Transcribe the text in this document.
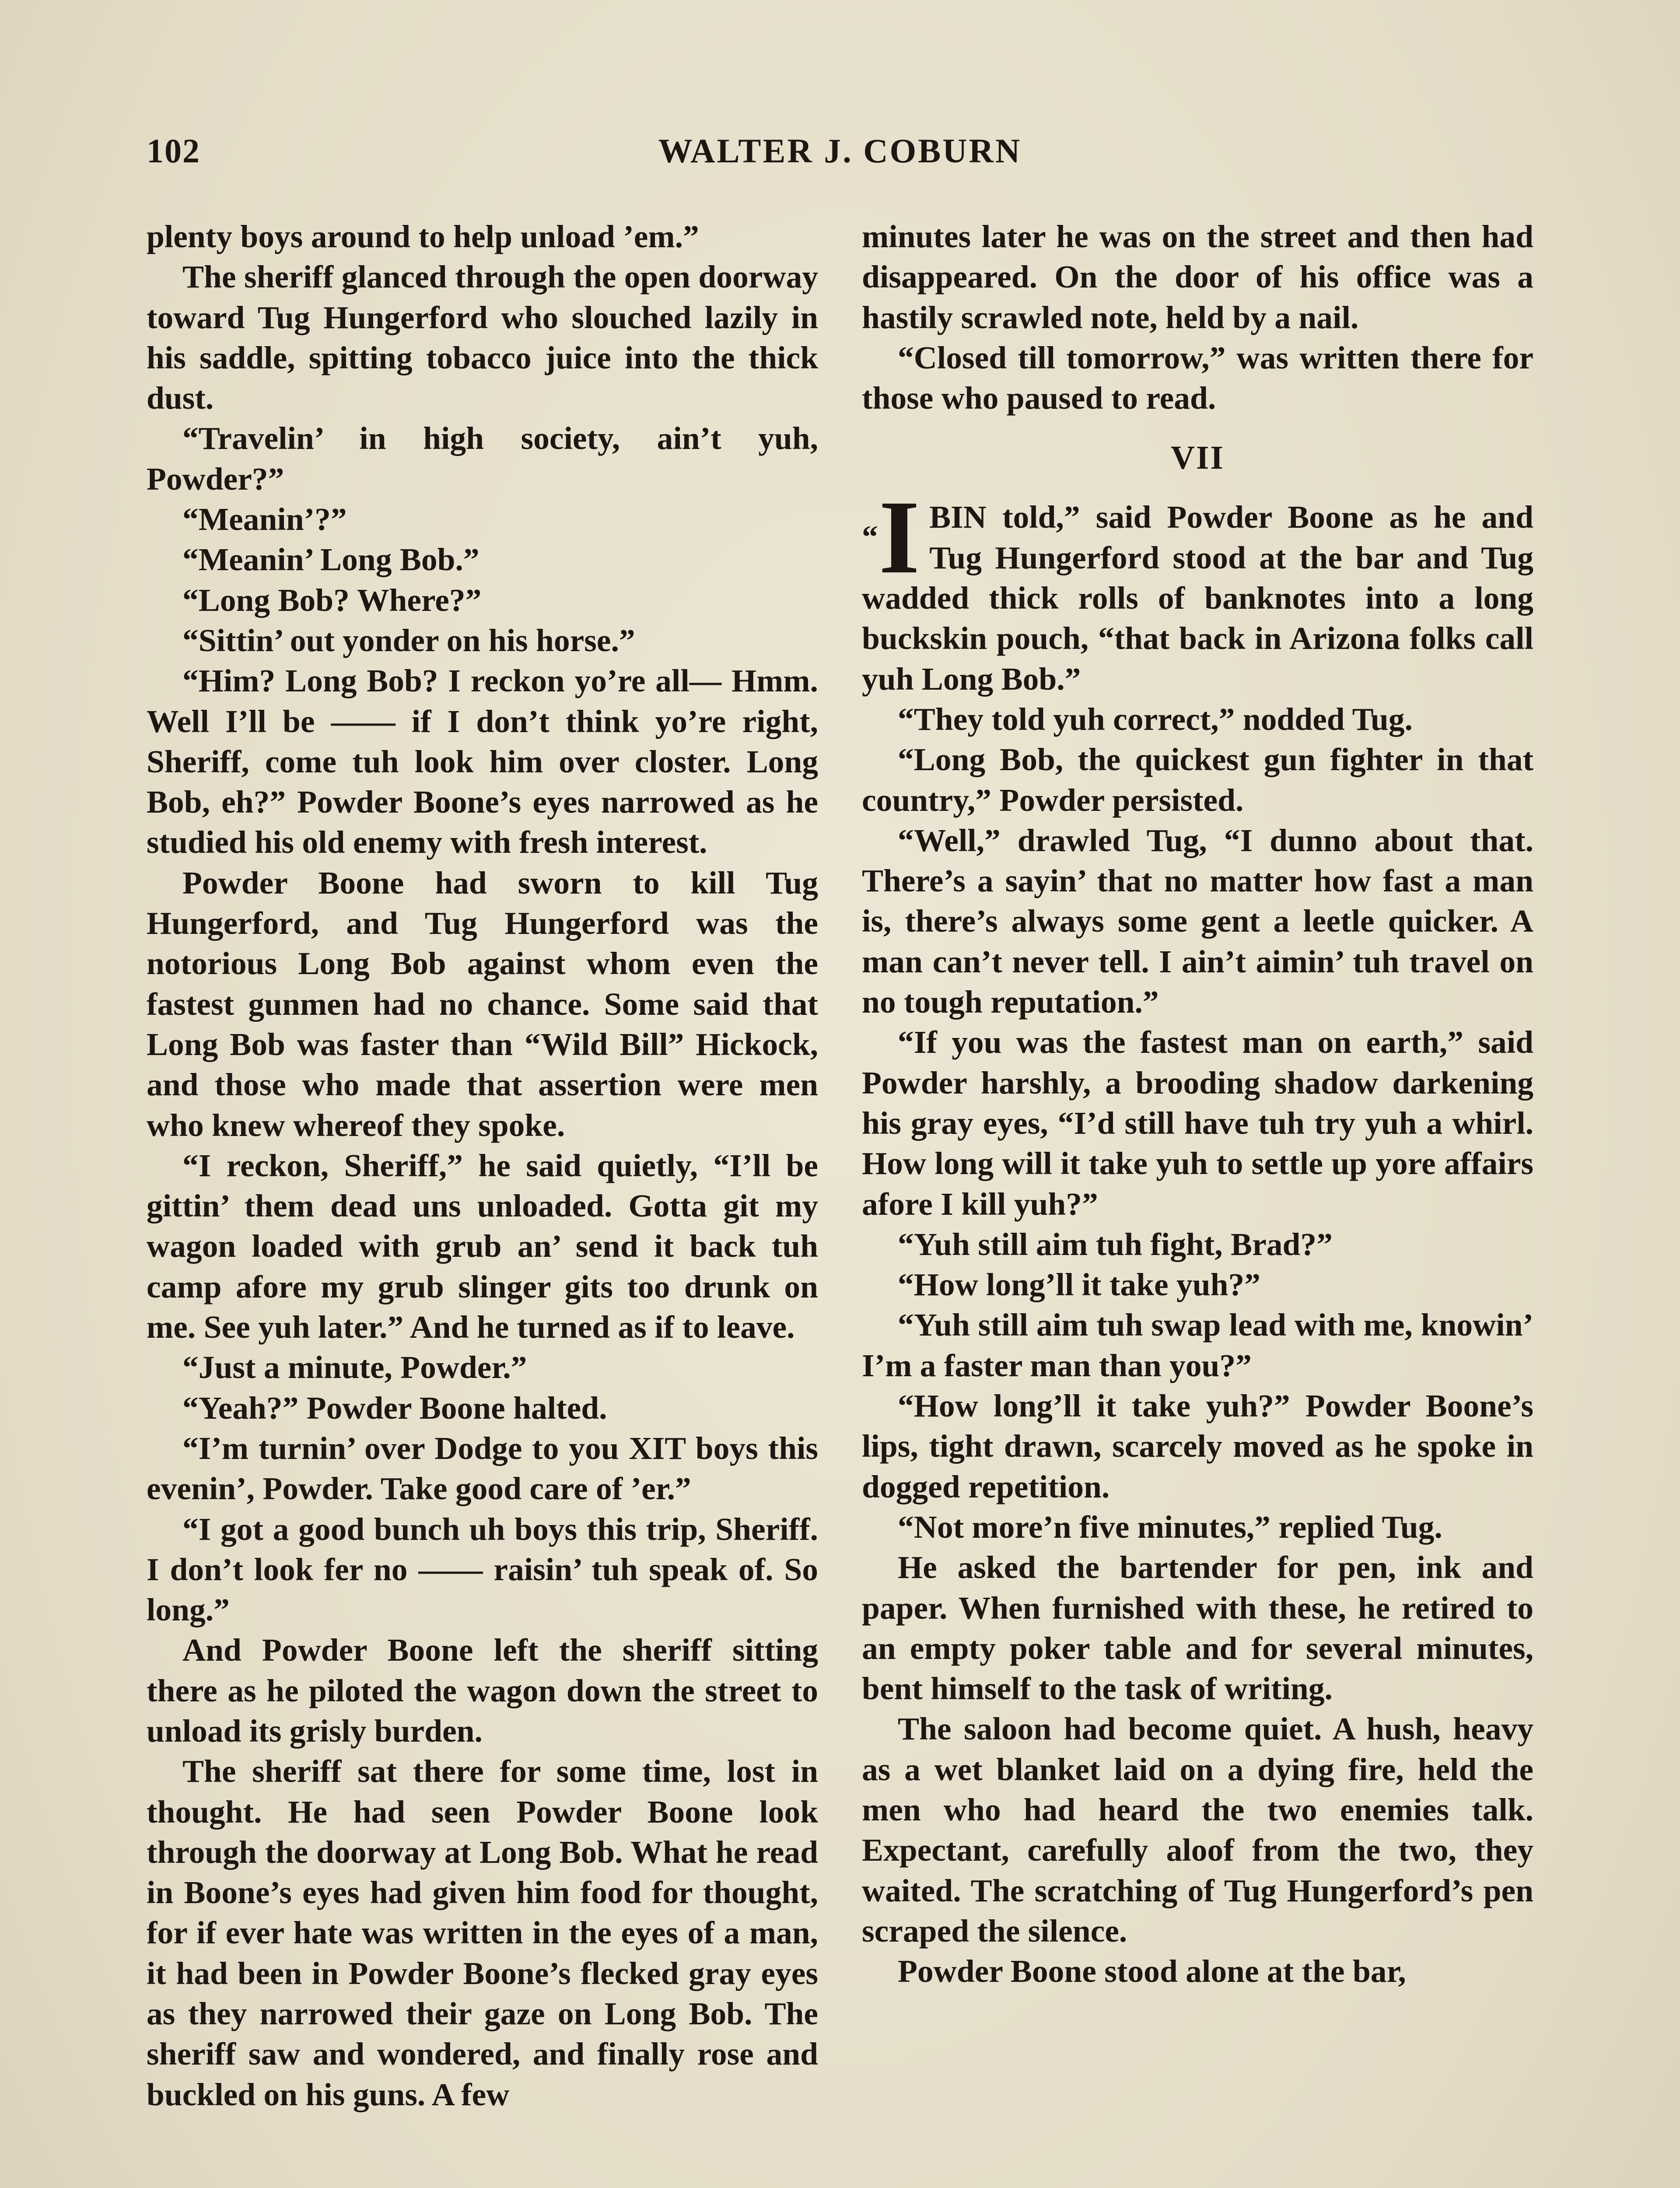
102	WALTER J. COBURN

plenty boys around to help unload ’em.”

The sheriff glanced through the open doorway toward Tug Hungerford who slouched lazily in his saddle, spitting tobacco juice into the thick dust.

“Travelin’ in high society, ain’t yuh, Powder?”

“Meanin’?”

“Meanin’ Long Bob.”

“Long Bob? Where?”

“Sittin’ out yonder on his horse.”

“Him? Long Bob? I reckon yo’re all— Hmm. Well I’ll be —— if I don’t think yo’re right, Sheriff, come tuh look him over closter. Long Bob, eh?” Powder Boone’s eyes narrowed as he studied his old enemy with fresh interest.

Powder Boone had sworn to kill Tug Hungerford, and Tug Hungerford was the notorious Long Bob against whom even the fastest gunmen had no chance. Some said that Long Bob was faster than “Wild Bill” Hickock, and those who made that assertion were men who knew whereof they spoke.

“I reckon, Sheriff,” he said quietly, “I’ll be gittin’ them dead uns unloaded. Gotta git my wagon loaded with grub an’ send it back tuh camp afore my grub slinger gits too drunk on me. See yuh later.” And he turned as if to leave.

“Just a minute, Powder.”

“Yeah?” Powder Boone halted.

“I’m turnin’ over Dodge to you XIT boys this evenin’, Powder. Take good care of ’er.”

“I got a good bunch uh boys this trip, Sheriff. I don’t look fer no —— raisin’ tuh speak of. So long.”

And Powder Boone left the sheriff sitting there as he piloted the wagon down the street to unload its grisly burden.

The sheriff sat there for some time, lost in thought. He had seen Powder Boone look through the doorway at Long Bob. What he read in Boone’s eyes had given him food for thought, for if ever hate was written in the eyes of a man, it had been in Powder Boone’s flecked gray eyes as they narrowed their gaze on Long Bob. The sheriff saw and wondered, and finally rose and buckled on his guns. A few

minutes later he was on the street and then had disappeared. On the door of his office was a hastily scrawled note, held by a nail.

“Closed till tomorrow,” was written there for those who paused to read.

VII

“I BIN told,” said Powder Boone as he and Tug Hungerford stood at the bar and Tug wadded thick rolls of banknotes into a long buckskin pouch, “that back in Arizona folks call yuh Long Bob.”

“They told yuh correct,” nodded Tug.

“Long Bob, the quickest gun fighter in that country,” Powder persisted.

“Well,” drawled Tug, “I dunno about that. There’s a sayin’ that no matter how fast a man is, there’s always some gent a leetle quicker. A man can’t never tell. I ain’t aimin’ tuh travel on no tough reputation.”

“If you was the fastest man on earth,” said Powder harshly, a brooding shadow darkening his gray eyes, “I’d still have tuh try yuh a whirl. How long will it take yuh to settle up yore affairs afore I kill yuh?”

“Yuh still aim tuh fight, Brad?”

“How long’ll it take yuh?”

“Yuh still aim tuh swap lead with me, knowin’ I’m a faster man than you?”

“How long’ll it take yuh?” Powder Boone’s lips, tight drawn, scarcely moved as he spoke in dogged repetition.

“Not more’n five minutes,” replied Tug.

He asked the bartender for pen, ink and paper. When furnished with these, he retired to an empty poker table and for several minutes, bent himself to the task of writing.

The saloon had become quiet. A hush, heavy as a wet blanket laid on a dying fire, held the men who had heard the two enemies talk. Expectant, carefully aloof from the two, they waited. The scratching of Tug Hungerford’s pen scraped the silence.

Powder Boone stood alone at the bar,
